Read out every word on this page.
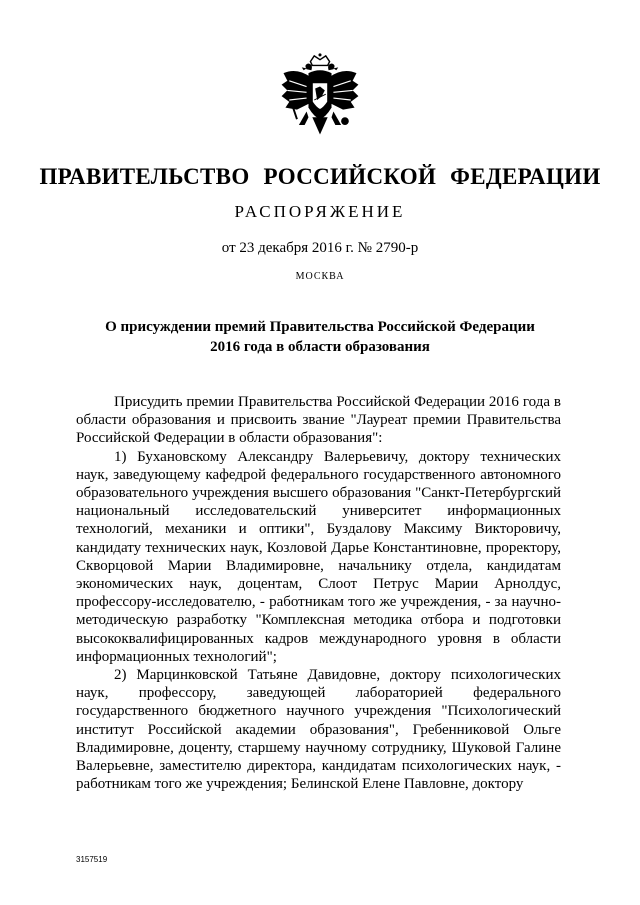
ПРАВИТЕЛЬСТВО РОССИЙСКОЙ ФЕДЕРАЦИИ
РАСПОРЯЖЕНИЕ
от 23 декабря 2016 г. № 2790-р
МОСКВА
О присуждении премий Правительства Российской Федерации
2016 года в области образования

Присудить премии Правительства Российской Федерации 2016 года в области образования и присвоить звание "Лауреат премии Правительства Российской Федерации в области образования":

1) Бухановскому Александру Валерьевичу, доктору технических наук, заведующему кафедрой федерального государственного автономного образовательного учреждения высшего образования "Санкт-Петербургский национальный исследовательский университет информационных технологий, механики и оптики", Буздалову Максиму Викторовичу, кандидату технических наук, Козловой Дарье Константиновне, проректору, Скворцовой Марии Владимировне, начальнику отдела, кандидатам экономических наук, доцентам, Слоот Петрус Марии Арнолдус, профессору-исследователю, - работникам того же учреждения, - за научно-методическую разработку "Комплексная методика отбора и подготовки высококвалифицированных кадров международного уровня в области информационных технологий";

2) Марцинковской Татьяне Давидовне, доктору психологических наук, профессору, заведующей лабораторией федерального государственного бюджетного научного учреждения "Психологический институт Российской академии образования", Гребенниковой Ольге Владимировне, доценту, старшему научному сотруднику, Шуковой Галине Валерьевне, заместителю директора, кандидатам психологических наук, - работникам того же учреждения; Белинской Елене Павловне, доктору

3157519
